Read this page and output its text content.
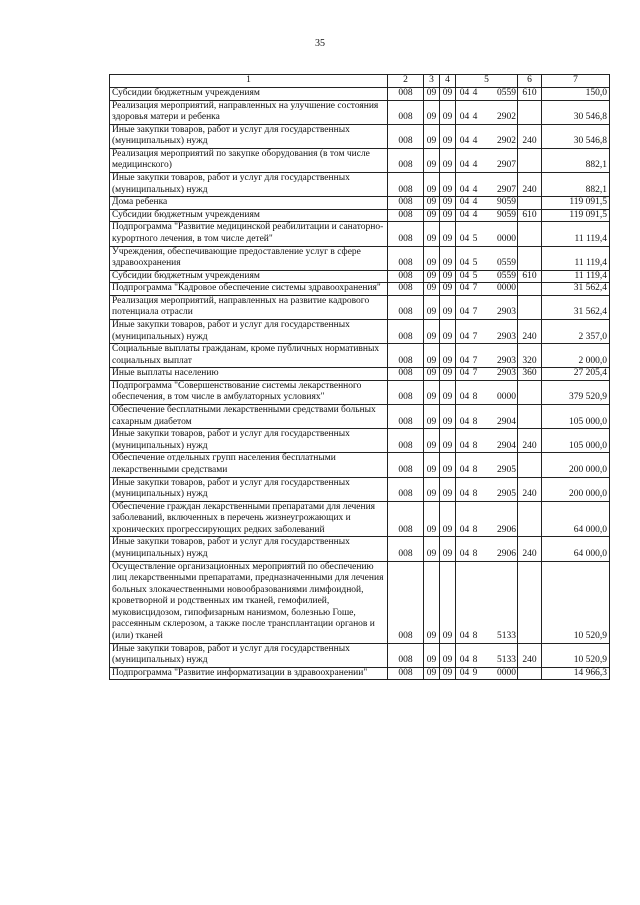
35
1	2	3	4	5	6	7
Субсидии бюджетным учреждениям	008	09	09	04 4 0559	610	150,0
Реализация мероприятий, направленных на улучшение состояния здоровья матери и ребенка	008	09	09	04 4 2902		30 546,8
Иные закупки товаров, работ и услуг для государственных (муниципальных) нужд	008	09	09	04 4 2902	240	30 546,8
Реализация мероприятий по закупке оборудования (в том числе медицинского)	008	09	09	04 4 2907		882,1
Иные закупки товаров, работ и услуг для государственных (муниципальных) нужд	008	09	09	04 4 2907	240	882,1
Дома ребенка	008	09	09	04 4 9059		119 091,5
Субсидии бюджетным учреждениям	008	09	09	04 4 9059	610	119 091,5
Подпрограмма "Развитие медицинской реабилитации и санаторно-курортного лечения, в том числе детей"	008	09	09	04 5 0000		11 119,4
Учреждения, обеспечивающие предоставление услуг в сфере здравоохранения	008	09	09	04 5 0559		11 119,4
Субсидии бюджетным учреждениям	008	09	09	04 5 0559	610	11 119,4
Подпрограмма "Кадровое обеспечение системы здравоохранения"	008	09	09	04 7 0000		31 562,4
Реализация мероприятий, направленных на развитие кадрового потенциала отрасли	008	09	09	04 7 2903		31 562,4
Иные закупки товаров, работ и услуг для государственных (муниципальных) нужд	008	09	09	04 7 2903	240	2 357,0
Социальные выплаты гражданам, кроме публичных нормативных социальных выплат	008	09	09	04 7 2903	320	2 000,0
Иные выплаты населению	008	09	09	04 7 2903	360	27 205,4
Подпрограмма "Совершенствование системы лекарственного обеспечения, в том числе в амбулаторных условиях"	008	09	09	04 8 0000		379 520,9
Обеспечение бесплатными лекарственными средствами больных сахарным диабетом	008	09	09	04 8 2904		105 000,0
Иные закупки товаров, работ и услуг для государственных (муниципальных) нужд	008	09	09	04 8 2904	240	105 000,0
Обеспечение отдельных групп населения бесплатными лекарственными средствами	008	09	09	04 8 2905		200 000,0
Иные закупки товаров, работ и услуг для государственных (муниципальных) нужд	008	09	09	04 8 2905	240	200 000,0
Обеспечение граждан лекарственными препаратами для лечения заболеваний, включенных в перечень жизнеугрожающих и хронических прогрессирующих редких заболеваний	008	09	09	04 8 2906		64 000,0
Иные закупки товаров, работ и услуг для государственных (муниципальных) нужд	008	09	09	04 8 2906	240	64 000,0
Осуществление организационных мероприятий по обеспечению лиц лекарственными препаратами, предназначенными для лечения больных злокачественными новообразованиями лимфоидной, кроветворной и родственных им тканей, гемофилией, муковисцидозом, гипофизарным нанизмом, болезнью Гоше, рассеянным склерозом, а также после трансплантации органов и (или) тканей	008	09	09	04 8 5133		10 520,9
Иные закупки товаров, работ и услуг для государственных (муниципальных) нужд	008	09	09	04 8 5133	240	10 520,9
Подпрограмма "Развитие информатизации в здравоохранении"	008	09	09	04 9 0000		14 966,3
